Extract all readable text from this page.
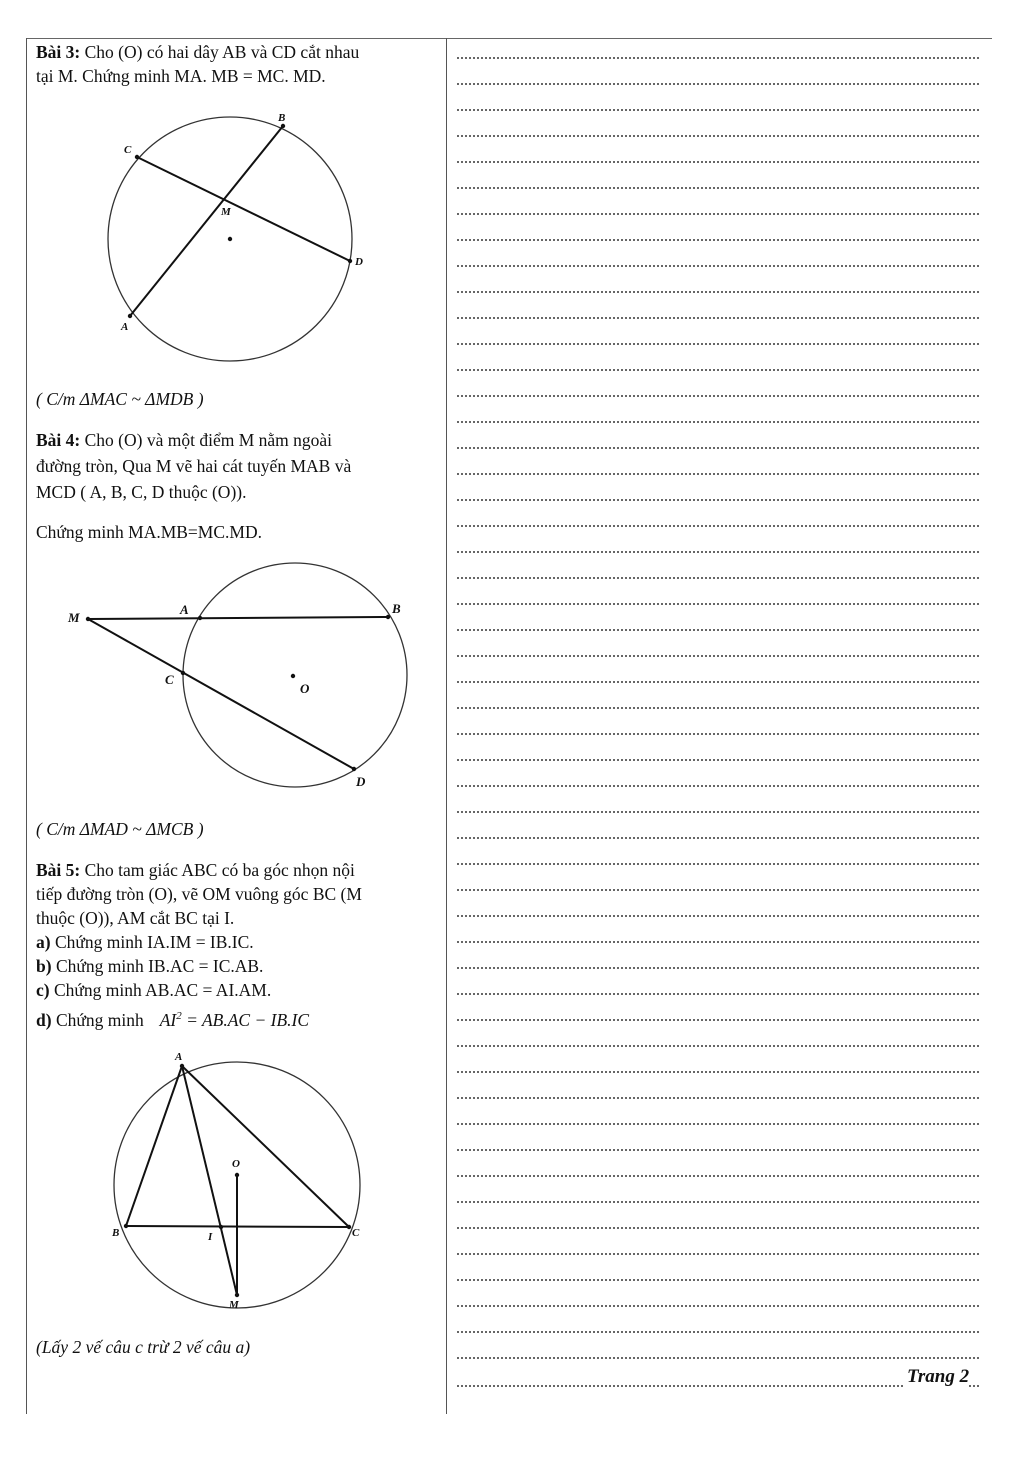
Bài 3: Cho (O) có hai dây AB và CD cắt nhau
tại M. Chứng minh MA. MB = MC. MD.
A
B
C
D
M
( C/m ΔMAC ~ ΔMDB )
Bài 4: Cho (O) và một điểm M nằm ngoài
đường tròn, Qua M vẽ hai cát tuyến MAB và
MCD ( A, B, C, D thuộc (O)).
Chứng minh MA.MB=MC.MD.
M
A	B
C
D
O
( C/m ΔMAD ~ ΔMCB )
Bài 5: Cho tam giác ABC có ba góc nhọn nội
tiếp đường tròn (O), vẽ OM vuông góc BC (M
thuộc (O)), AM cắt BC tại I.
a) Chứng minh IA.IM = IB.IC.
b) Chứng minh IB.AC = IC.AB.
c) Chứng minh AB.AC = AI.AM.
d) Chứng minh $AI^2 = AB.AC - IB.IC$
A
B	C
O
I
M
(Lấy 2 vế câu c trừ 2 vế câu a)
Trang 2
